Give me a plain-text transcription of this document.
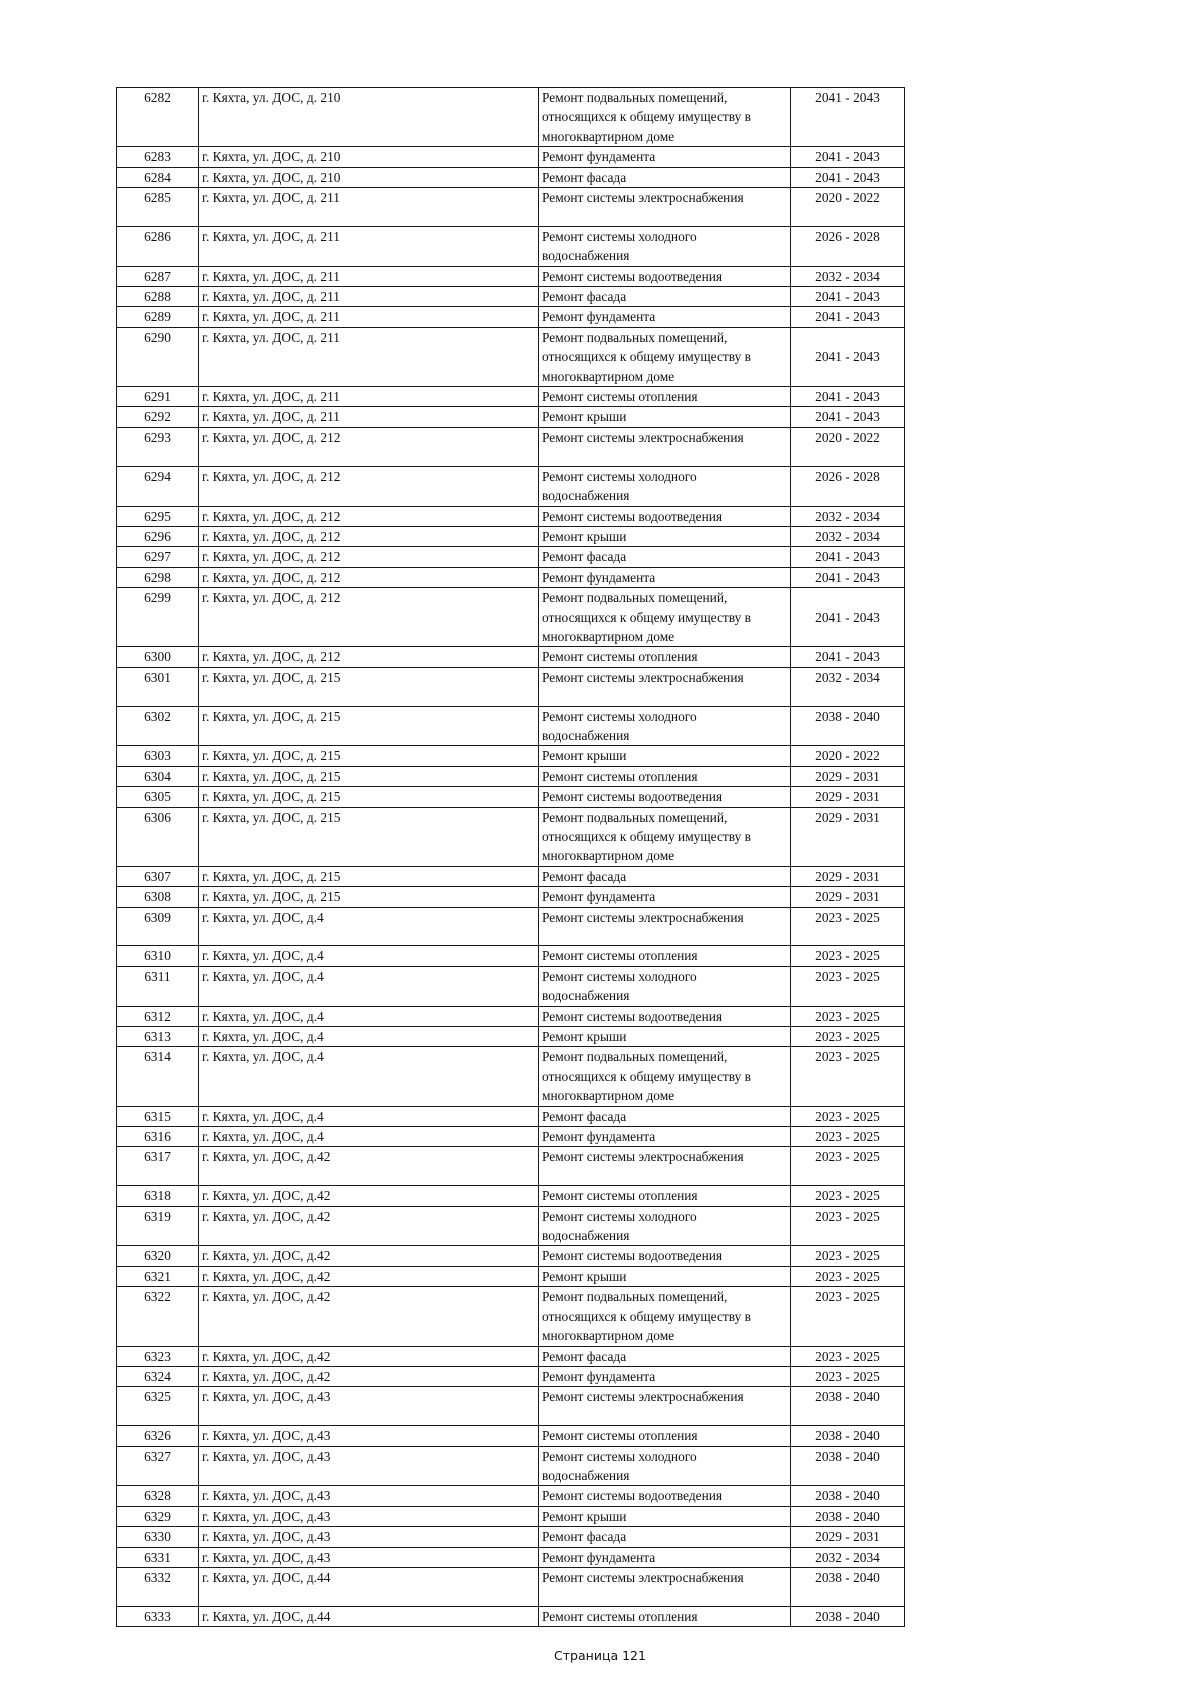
6282	г. Кяхта, ул. ДОС, д. 210	Ремонт подвальных помещений,
относящихся к общему имуществу в
многоквартирном доме	2041 - 2043
6283	г. Кяхта, ул. ДОС, д. 210	Ремонт фундамента	2041 - 2043
6284	г. Кяхта, ул. ДОС, д. 210	Ремонт фасада	2041 - 2043
6285	г. Кяхта, ул. ДОС, д. 211	Ремонт системы электроснабжения	2020 - 2022
6286	г. Кяхта, ул. ДОС, д. 211	Ремонт системы холодного
водоснабжения	2026 - 2028
6287	г. Кяхта, ул. ДОС, д. 211	Ремонт системы водоотведения	2032 - 2034
6288	г. Кяхта, ул. ДОС, д. 211	Ремонт фасада	2041 - 2043
6289	г. Кяхта, ул. ДОС, д. 211	Ремонт фундамента	2041 - 2043
6290	г. Кяхта, ул. ДОС, д. 211	Ремонт подвальных помещений,
относящихся к общему имуществу в
многоквартирном доме	2041 - 2043
6291	г. Кяхта, ул. ДОС, д. 211	Ремонт системы отопления	2041 - 2043
6292	г. Кяхта, ул. ДОС, д. 211	Ремонт крыши	2041 - 2043
6293	г. Кяхта, ул. ДОС, д. 212	Ремонт системы электроснабжения	2020 - 2022
6294	г. Кяхта, ул. ДОС, д. 212	Ремонт системы холодного
водоснабжения	2026 - 2028
6295	г. Кяхта, ул. ДОС, д. 212	Ремонт системы водоотведения	2032 - 2034
6296	г. Кяхта, ул. ДОС, д. 212	Ремонт крыши	2032 - 2034
6297	г. Кяхта, ул. ДОС, д. 212	Ремонт фасада	2041 - 2043
6298	г. Кяхта, ул. ДОС, д. 212	Ремонт фундамента	2041 - 2043
6299	г. Кяхта, ул. ДОС, д. 212	Ремонт подвальных помещений,
относящихся к общему имуществу в
многоквартирном доме	2041 - 2043
6300	г. Кяхта, ул. ДОС, д. 212	Ремонт системы отопления	2041 - 2043
6301	г. Кяхта, ул. ДОС, д. 215	Ремонт системы электроснабжения	2032 - 2034
6302	г. Кяхта, ул. ДОС, д. 215	Ремонт системы холодного
водоснабжения	2038 - 2040
6303	г. Кяхта, ул. ДОС, д. 215	Ремонт крыши	2020 - 2022
6304	г. Кяхта, ул. ДОС, д. 215	Ремонт системы отопления	2029 - 2031
6305	г. Кяхта, ул. ДОС, д. 215	Ремонт системы водоотведения	2029 - 2031
6306	г. Кяхта, ул. ДОС, д. 215	Ремонт подвальных помещений,
относящихся к общему имуществу в
многоквартирном доме	2029 - 2031
6307	г. Кяхта, ул. ДОС, д. 215	Ремонт фасада	2029 - 2031
6308	г. Кяхта, ул. ДОС, д. 215	Ремонт фундамента	2029 - 2031
6309	г. Кяхта, ул. ДОС, д.4	Ремонт системы электроснабжения	2023 - 2025
6310	г. Кяхта, ул. ДОС, д.4	Ремонт системы отопления	2023 - 2025
6311	г. Кяхта, ул. ДОС, д.4	Ремонт системы холодного
водоснабжения	2023 - 2025
6312	г. Кяхта, ул. ДОС, д.4	Ремонт системы водоотведения	2023 - 2025
6313	г. Кяхта, ул. ДОС, д.4	Ремонт крыши	2023 - 2025
6314	г. Кяхта, ул. ДОС, д.4	Ремонт подвальных помещений,
относящихся к общему имуществу в
многоквартирном доме	2023 - 2025
6315	г. Кяхта, ул. ДОС, д.4	Ремонт фасада	2023 - 2025
6316	г. Кяхта, ул. ДОС, д.4	Ремонт фундамента	2023 - 2025
6317	г. Кяхта, ул. ДОС, д.42	Ремонт системы электроснабжения	2023 - 2025
6318	г. Кяхта, ул. ДОС, д.42	Ремонт системы отопления	2023 - 2025
6319	г. Кяхта, ул. ДОС, д.42	Ремонт системы холодного
водоснабжения	2023 - 2025
6320	г. Кяхта, ул. ДОС, д.42	Ремонт системы водоотведения	2023 - 2025
6321	г. Кяхта, ул. ДОС, д.42	Ремонт крыши	2023 - 2025
6322	г. Кяхта, ул. ДОС, д.42	Ремонт подвальных помещений,
относящихся к общему имуществу в
многоквартирном доме	2023 - 2025
6323	г. Кяхта, ул. ДОС, д.42	Ремонт фасада	2023 - 2025
6324	г. Кяхта, ул. ДОС, д.42	Ремонт фундамента	2023 - 2025
6325	г. Кяхта, ул. ДОС, д.43	Ремонт системы электроснабжения	2038 - 2040
6326	г. Кяхта, ул. ДОС, д.43	Ремонт системы отопления	2038 - 2040
6327	г. Кяхта, ул. ДОС, д.43	Ремонт системы холодного
водоснабжения	2038 - 2040
6328	г. Кяхта, ул. ДОС, д.43	Ремонт системы водоотведения	2038 - 2040
6329	г. Кяхта, ул. ДОС, д.43	Ремонт крыши	2038 - 2040
6330	г. Кяхта, ул. ДОС, д.43	Ремонт фасада	2029 - 2031
6331	г. Кяхта, ул. ДОС, д.43	Ремонт фундамента	2032 - 2034
6332	г. Кяхта, ул. ДОС, д.44	Ремонт системы электроснабжения	2038 - 2040
6333	г. Кяхта, ул. ДОС, д.44	Ремонт системы отопления	2038 - 2040
Страница 121
